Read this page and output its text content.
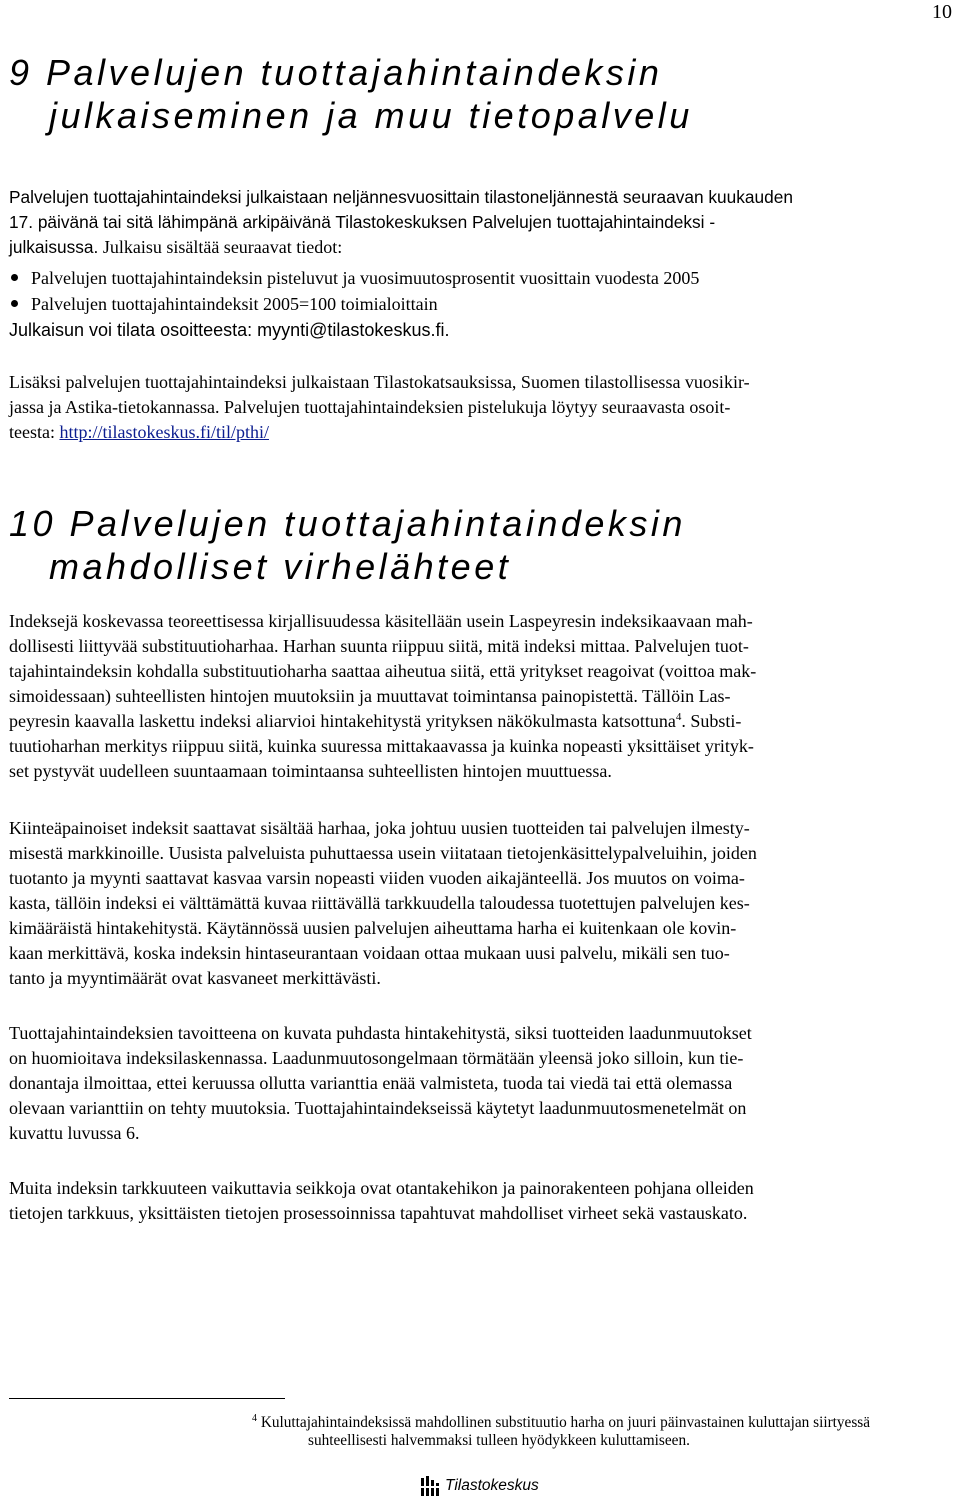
10
9 Palvelujen tuottajahintaindeksin
julkaiseminen ja muu tietopalvelu
Palvelujen tuottajahintaindeksi julkaistaan neljännesvuosittain tilastoneljännestä seuraavan kuukauden
17. päivänä tai sitä lähimpänä arkipäivänä Tilastokeskuksen Palvelujen tuottajahintaindeksi -
julkaisussa. Julkaisu sisältää seuraavat tiedot:
Palvelujen tuottajahintaindeksin pisteluvut ja vuosimuutosprosentit vuosittain vuodesta 2005
Palvelujen tuottajahintaindeksit 2005=100 toimialoittain
Julkaisun voi tilata osoitteesta: myynti@tilastokeskus.fi.
Lisäksi palvelujen tuottajahintaindeksi julkaistaan Tilastokatsauksissa, Suomen tilastollisessa vuosikir-
jassa ja Astika-tietokannassa. Palvelujen tuottajahintaindeksien pistelukuja löytyy seuraavasta osoit-
teesta: http://tilastokeskus.fi/til/pthi/
10 Palvelujen tuottajahintaindeksin
mahdolliset virhelähteet
Indeksejä koskevassa teoreettisessa kirjallisuudessa käsitellään usein Laspeyresin indeksikaavaan mah-
dollisesti liittyvää substituutioharhaa. Harhan suunta riippuu siitä, mitä indeksi mittaa. Palvelujen tuot-
tajahintaindeksin kohdalla substituutioharha saattaa aiheutua siitä, että yritykset reagoivat (voittoa mak-
simoidessaan) suhteellisten hintojen muutoksiin ja muuttavat toimintansa painopistettä. Tällöin Las-
peyresin kaavalla laskettu indeksi aliarvioi hintakehitystä yrityksen näkökulmasta katsottuna$^4$. Substi-
tuutioharhan merkitys riippuu siitä, kuinka suuressa mittakaavassa ja kuinka nopeasti yksittäiset yrityk-
set pystyvät uudelleen suuntaamaan toimintaansa suhteellisten hintojen muuttuessa.
Kiinteäpainoiset indeksit saattavat sisältää harhaa, joka johtuu uusien tuotteiden tai palvelujen ilmesty-
misestä markkinoille. Uusista palveluista puhuttaessa usein viitataan tietojenkäsittelypalveluihin, joiden
tuotanto ja myynti saattavat kasvaa varsin nopeasti viiden vuoden aikajänteellä. Jos muutos on voima-
kasta, tällöin indeksi ei välttämättä kuvaa riittävällä tarkkuudella taloudessa tuotettujen palvelujen kes-
kimääräistä hintakehitystä. Käytännössä uusien palvelujen aiheuttama harha ei kuitenkaan ole kovin-
kaan merkittävä, koska indeksin hintaseurantaan voidaan ottaa mukaan uusi palvelu, mikäli sen tuo-
tanto ja myyntimäärät ovat kasvaneet merkittävästi.
Tuottajahintaindeksien tavoitteena on kuvata puhdasta hintakehitystä, siksi tuotteiden laadunmuutokset
on huomioitava indeksilaskennassa. Laadunmuutosongelmaan törmätään yleensä joko silloin, kun tie-
donantaja ilmoittaa, ettei keruussa ollutta varianttia enää valmisteta, tuoda tai viedä tai että olemassa
olevaan varianttiin on tehty muutoksia. Tuottajahintaindekseissä käytetyt laadunmuutosmenetelmät on
kuvattu luvussa 6.
Muita indeksin tarkkuuteen vaikuttavia seikkoja ovat otantakehikon ja painorakenteen pohjana olleiden
tietojen tarkkuus, yksittäisten tietojen prosessoinnissa tapahtuvat mahdolliset virheet sekä vastauskato.
$^4$ Kuluttajahintaindeksissä mahdollinen substituutio harha on juuri päinvastainen kuluttajan siirtyessä
suhteellisesti halvemmaksi tulleen hyödykkeen kuluttamiseen.
Tilastokeskus
